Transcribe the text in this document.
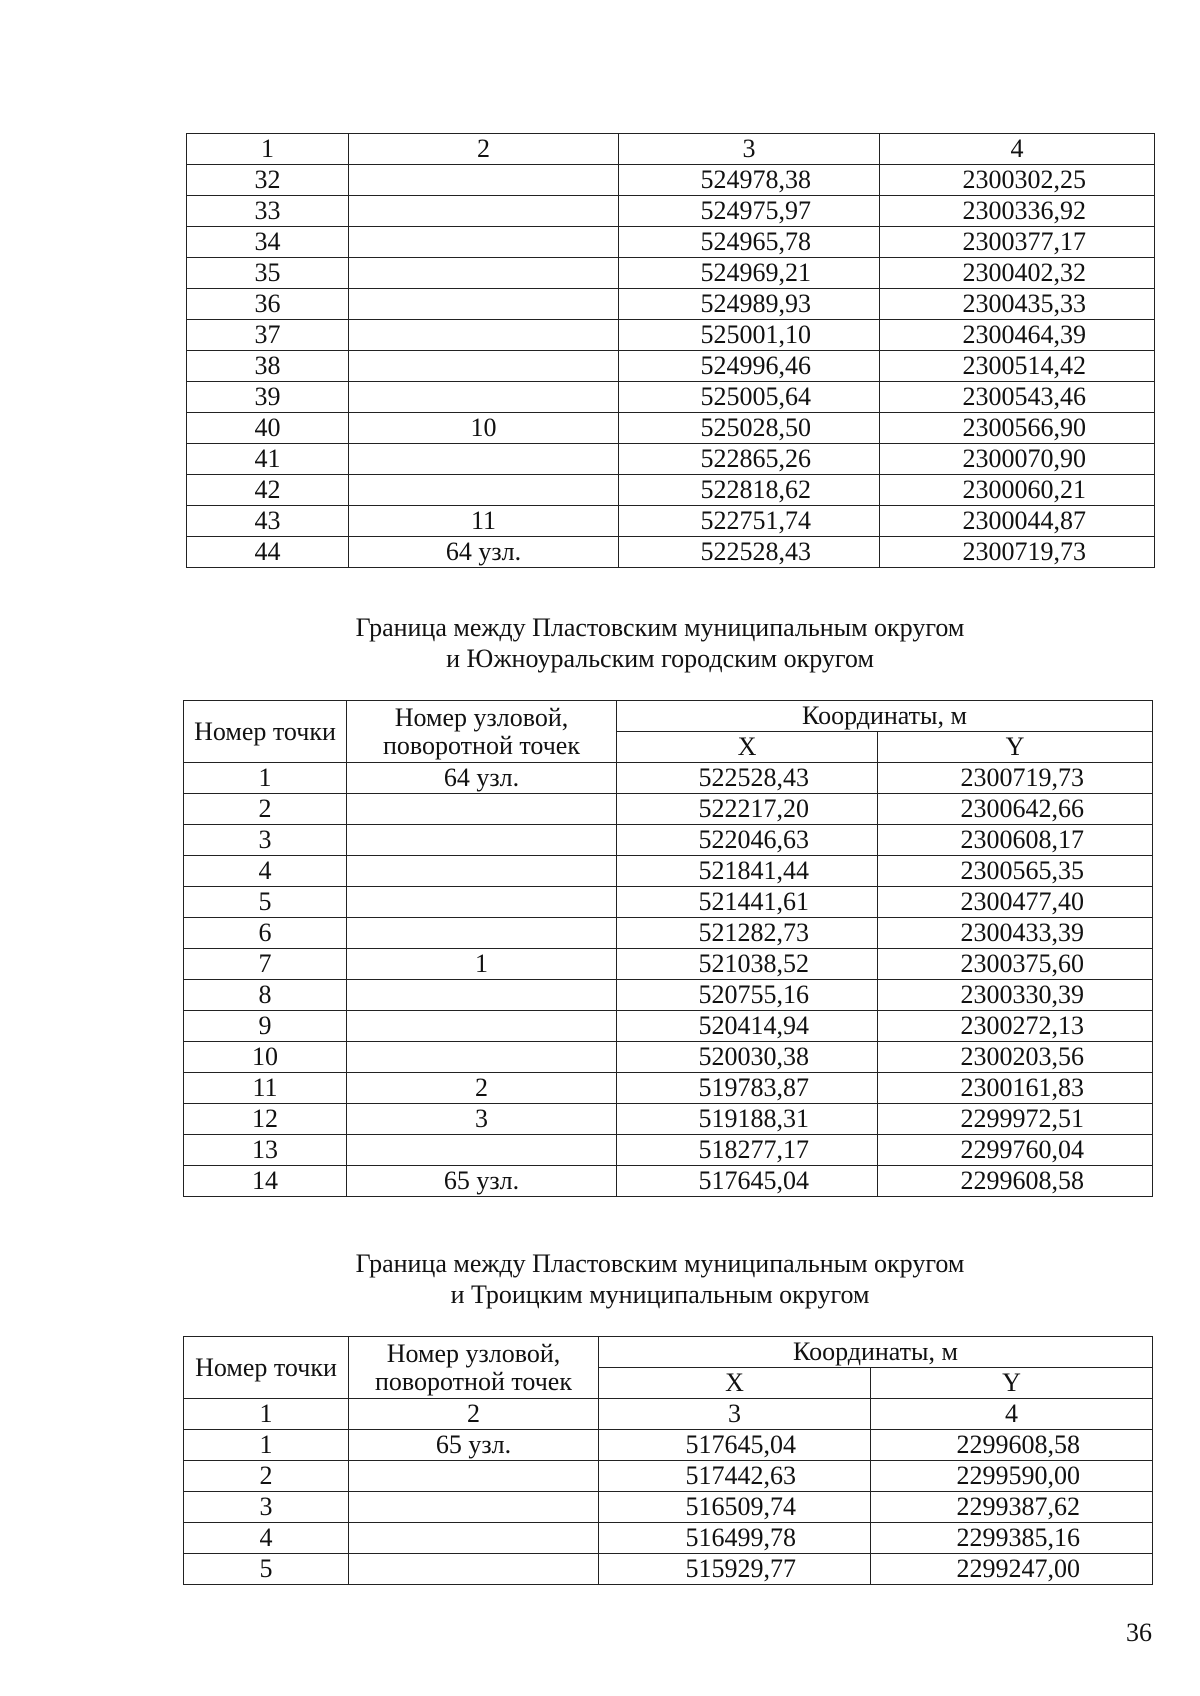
1	2	3	4
32		524978,38	2300302,25
33		524975,97	2300336,92
34		524965,78	2300377,17
35		524969,21	2300402,32
36		524989,93	2300435,33
37		525001,10	2300464,39
38		524996,46	2300514,42
39		525005,64	2300543,46
40	10	525028,50	2300566,90
41		522865,26	2300070,90
42		522818,62	2300060,21
43	11	522751,74	2300044,87
44	64 узл.	522528,43	2300719,73
Граница между Пластовским муниципальным округом
и Южноуральским городским округом
Номер точки	Номер узловой, поворотной точек	Координаты, м	
		X	Y
1	64 узл.	522528,43	2300719,73
2		522217,20	2300642,66
3		522046,63	2300608,17
4		521841,44	2300565,35
5		521441,61	2300477,40
6		521282,73	2300433,39
7	1	521038,52	2300375,60
8		520755,16	2300330,39
9		520414,94	2300272,13
10		520030,38	2300203,56
11	2	519783,87	2300161,83
12	3	519188,31	2299972,51
13		518277,17	2299760,04
14	65 узл.	517645,04	2299608,58
Граница между Пластовским муниципальным округом
и Троицким муниципальным округом
Номер точки	Номер узловой, поворотной точек	Координаты, м	
		X	Y
1	2	3	4
1	65 узл.	517645,04	2299608,58
2		517442,63	2299590,00
3		516509,74	2299387,62
4		516499,78	2299385,16
5		515929,77	2299247,00
36
